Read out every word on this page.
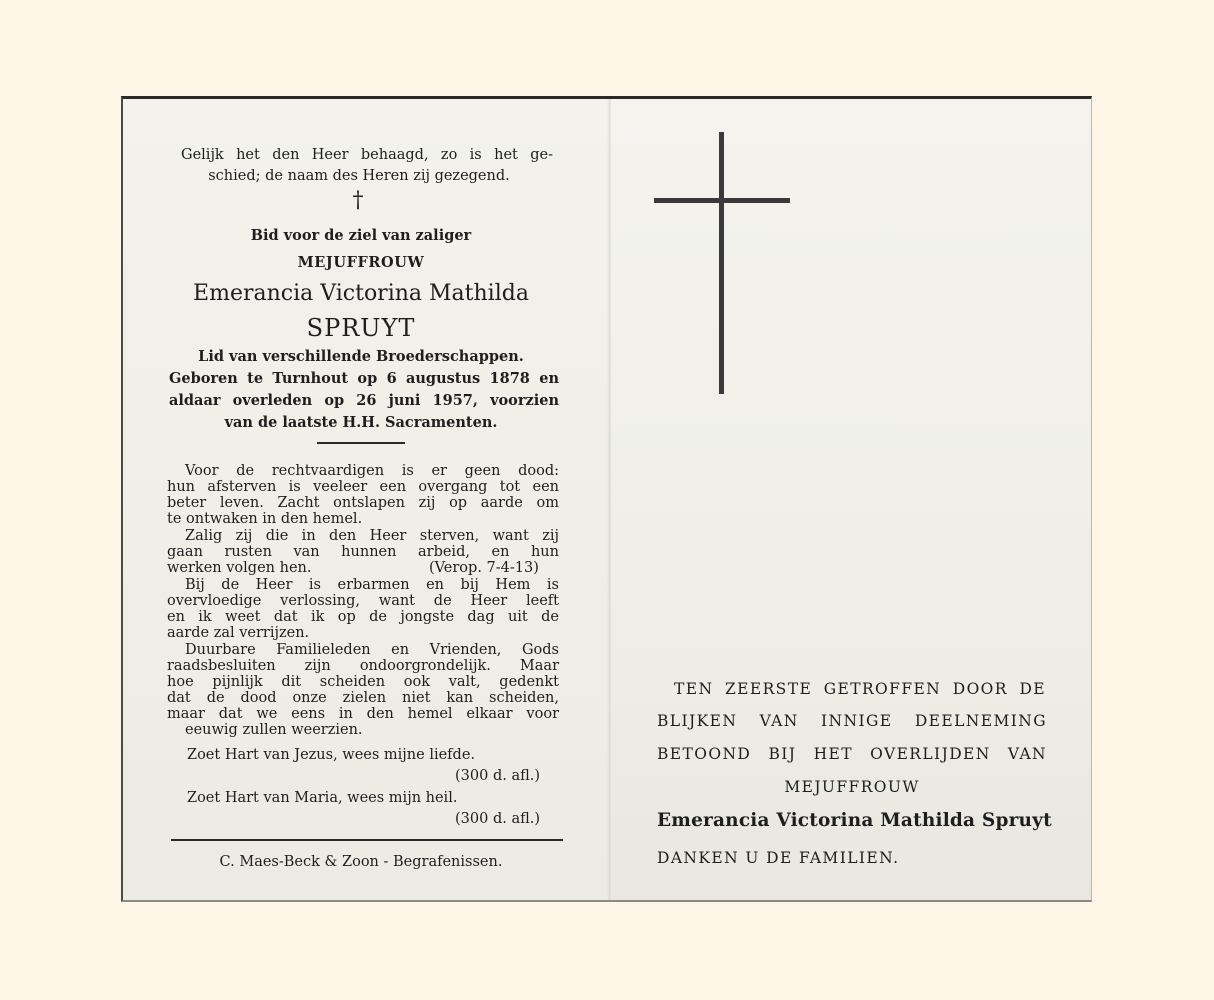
Gelijk het den Heer behaagd, zo is het ge-
schied; de naam des Heren zij gezegend.
†
Bid voor de ziel van zaliger
MEJUFFROUW
Emerancia Victorina Mathilda
SPRUYT
Lid van verschillende Broederschappen.
Geboren te Turnhout op 6 augustus 1878 en
aldaar overleden op 26 juni 1957, voorzien
van de laatste H.H. Sacramenten.
Voor de rechtvaardigen is er geen dood:
hun afsterven is veeleer een overgang tot een
beter leven. Zacht ontslapen zij op aarde om
te ontwaken in den hemel.
Zalig zij die in den Heer sterven, want zij
gaan rusten van hunnen arbeid, en hun
werken volgen hen.	(Verop. 7-4-13)
Bij de Heer is erbarmen en bij Hem is
overvloedige verlossing, want de Heer leeft
en ik weet dat ik op de jongste dag uit de
aarde zal verrijzen.
Duurbare Familieleden en Vrienden, Gods
raadsbesluiten zijn ondoorgrondelijk. Maar
hoe pijnlijk dit scheiden ook valt, gedenkt
dat de dood onze zielen niet kan scheiden,
maar dat we eens in den hemel elkaar voor
eeuwig zullen weerzien.
Zoet Hart van Jezus, wees mijne liefde.
(300 d. afl.)
Zoet Hart van Maria, wees mijn heil.
(300 d. afl.)
C. Maes-Beck & Zoon - Begrafenissen.
TEN ZEERSTE GETROFFEN DOOR DE
BLIJKEN VAN INNIGE DEELNEMING
BETOOND BIJ HET OVERLIJDEN VAN
MEJUFFROUW
Emerancia Victorina Mathilda Spruyt
DANKEN U DE FAMILIEN.
